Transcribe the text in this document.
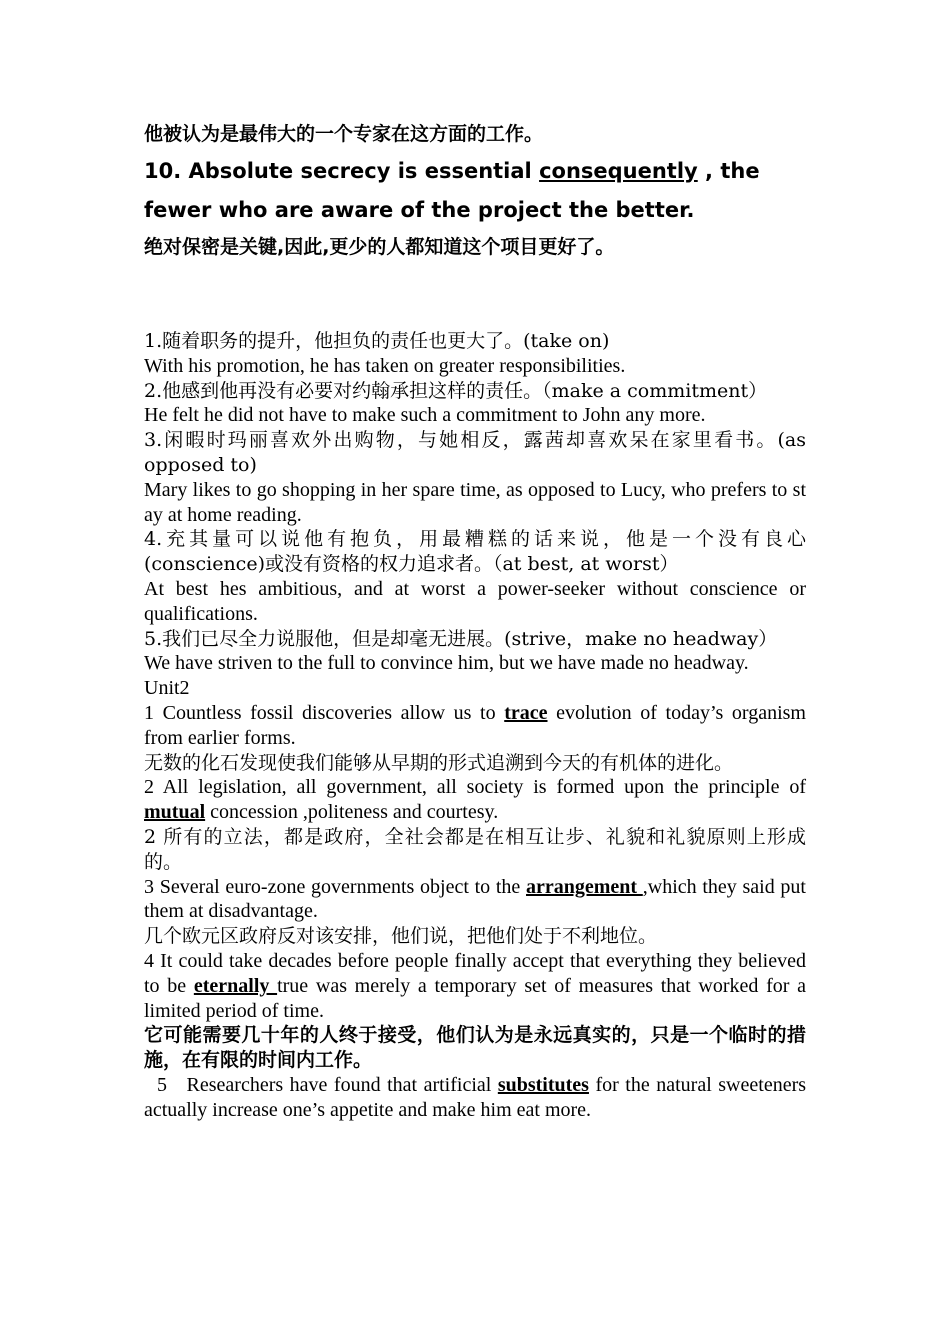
他被认为是最伟大的一个专家在这方面的工作。

10. Absolute secrecy is essential consequently , the fewer who are aware of the project the better.

绝对保密是关键,因此,更少的人都知道这个项目更好了。

1.随着职务的提升，他担负的责任也更大了。(take on)

With his promotion, he has taken on greater responsibilities.

2.他感到他再没有必要对约翰承担这样的责任。（make a commitment）

He felt he did not have to make such a commitment to John any more.

3.闲暇时玛丽喜欢外出购物，与她相反，露茜却喜欢呆在家里看书。(as opposed to)

Mary likes to go shopping in her spare time, as opposed to Lucy, who prefers to stay at home reading.

4.充其量可以说他有抱负，用最糟糕的话来说，他是一个没有良心(conscience)或没有资格的权力追求者。（at best, at worst）

At best hes ambitious, and at worst a power-seeker without conscience or qualifications.

5.我们已尽全力说服他，但是却毫无进展。(strive，make no headway）

We have striven to the full to convince him, but we have made no headway.

Unit2

1 Countless fossil discoveries allow us to trace evolution of today’s organism from earlier forms.

无数的化石发现使我们能够从早期的形式追溯到今天的有机体的进化。

2 All legislation, all government, all society is formed upon the principle of mutual concession ,politeness and courtesy.

2 所有的立法，都是政府，全社会都是在相互让步、礼貌和礼貌原则上形成的。

3 Several euro-zone governments object to the arrangement ,which they said put them at disadvantage.

几个欧元区政府反对该安排，他们说，把他们处于不利地位。

4 It could take decades before people finally accept that everything they believed to be eternally true was merely a temporary set of measures that worked for a limited period of time.

它可能需要几十年的人终于接受，他们认为是永远真实的，只是一个临时的措施，在有限的时间内工作。

5   Researchers have found that artificial substitutes for the natural sweeteners actually increase one’s appetite and make him eat more.
